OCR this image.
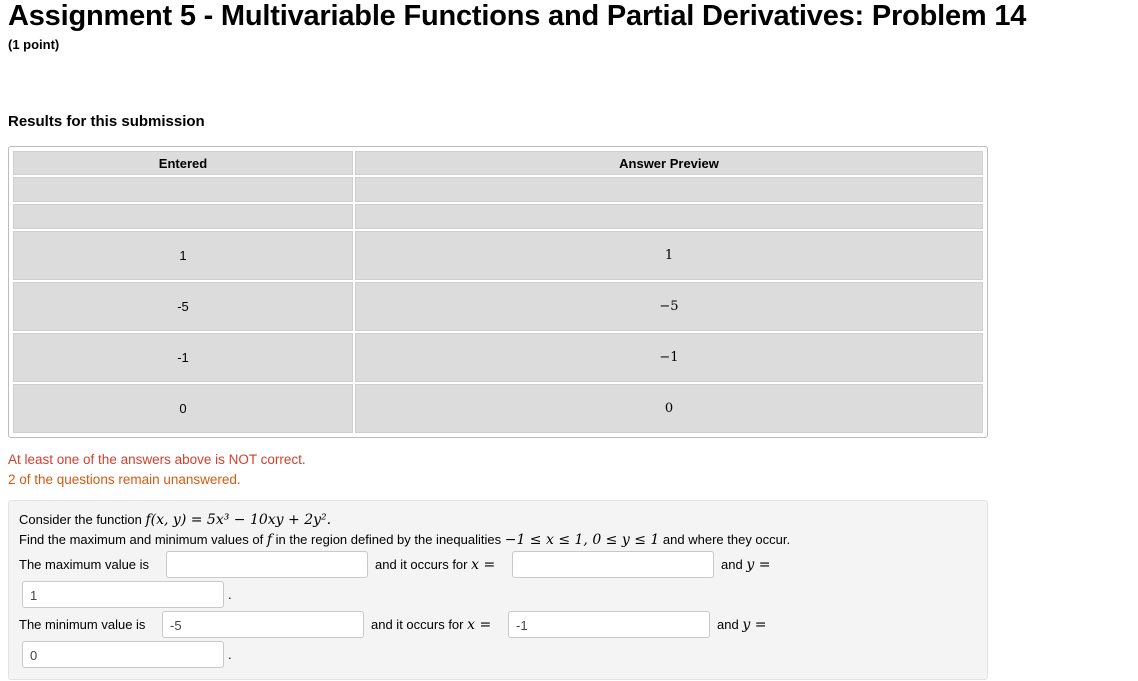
Assignment 5 - Multivariable Functions and Partial Derivatives: Problem 14
(1 point)
Results for this submission
Entered	Answer Preview

1	1
-5	−5
-1	−1
0	0
At least one of the answers above is NOT correct.
2 of the questions remain unanswered.
Consider the function f(x, y) = 5x³ − 10xy + 2y².
Find the maximum and minimum values of f in the region defined by the inequalities −1 ≤ x ≤ 1, 0 ≤ y ≤ 1 and where they occur.
The maximum value is	and it occurs for x =	and y =
1	.
The minimum value is	-5	and it occurs for x =	-1	and y =
0	.
